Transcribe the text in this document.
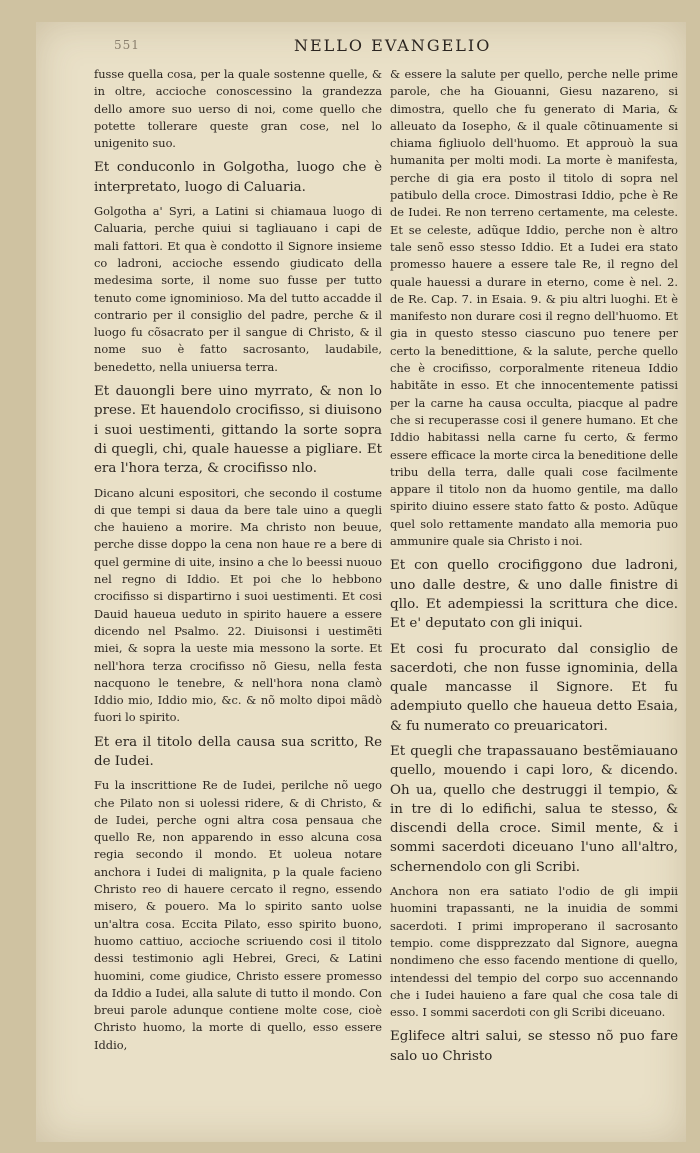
551	NELLO EVANGELIO

fusse quella cosa, per la quale sostenne quelle, & in oltre, accioche conoscessino la grandezza dello amore suo uerso di noi, come quello che potette tollerare queste gran cose, nel lo unigenito suo.

Et conduconlo in Golgotha, luogo che è interpretato, luogo di Caluaria.

Golgotha a' Syri, a Latini si chiamaua luogo di Caluaria, perche quiui si tagliauano i capi de mali fattori. Et qua è condotto il Signore insieme co ladroni, accioche essendo giudicato della medesima sorte, il nome suo fusse per tutto tenuto come ignominioso. Ma del tutto accadde il contrario per il consiglio del padre, perche & il luogo fu cõsacrato per il sangue di Christo, & il nome suo è fatto sacrosanto, laudabile, benedetto, nella uniuersa terra.

Et dauongli bere uino myrrato, & non lo prese. Et hauendolo crocifisso, si diuisono i suoi uestimenti, gittando la sorte sopra di quegli, chi, quale hauesse a pigliare. Et era l'hora terza, & crocifisso nlo.

Dicano alcuni espositori, che secondo il costume di que tempi si daua da bere tale uino a quegli che hauieno a morire. Ma christo non beuue, perche disse doppo la cena non haue re a bere di quel germine di uite, insino a che lo beessi nuouo nel regno di Iddio. Et poi che lo hebbono crocifisso si dispartirno i suoi uestimenti. Et cosi Dauid haueua ueduto in spirito hauere a essere dicendo nel Psalmo. 22. Diuisonsi i uestimẽti miei, & sopra la ueste mia messono la sorte. Et nell'hora terza crocifisso nõ Giesu, nella festa nacquono le tenebre, & nell'hora nona clamò Iddio mio, Iddio mio, &c. & nõ molto dipoi mãdò fuori lo spirito.

Et era il titolo della causa sua scritto, Re de Iudei.

Fu la inscrittione Re de Iudei, perilche nõ uego che Pilato non si uolessi ridere, & di Christo, & de Iudei, perche ogni altra cosa pensaua che quello Re, non apparendo in esso alcuna cosa regia secondo il mondo. Et uoleua notare anchora i Iudei di malignita, p la quale facieno Christo reo di hauere cercato il regno, essendo misero, & pouero. Ma lo spirito santo uolse un'altra cosa. Eccita Pilato, esso spirito buono, huomo cattiuo, accioche scriuendo cosi il titolo dessi testimonio agli Hebrei, Greci, & Latini huomini, come giudice, Christo essere promesso da Iddio a Iudei, alla salute di tutto il mondo. Con breui parole adunque contiene molte cose, cioè Christo huomo, la morte di quello, esso essere Iddio,

& essere la salute per quello, perche nelle prime parole, che ha Giouanni, Giesu nazareno, si dimostra, quello che fu generato di Maria, & alleuato da Iosepho, & il quale cõtinuamente si chiama figliuolo dell'huomo. Et approuò la sua humanita per molti modi. La morte è manifesta, perche di gia era posto il titolo di sopra nel patibulo della croce. Dimostrasi Iddio, pche è Re de Iudei. Re non terreno certamente, ma celeste. Et se celeste, adũque Iddio, perche non è altro tale senõ esso stesso Iddio. Et a Iudei era stato promesso hauere a essere tale Re, il regno del quale hauessi a durare in eterno, come è nel. 2. de Re. Cap. 7. in Esaia. 9. & piu altri luoghi. Et è manifesto non durare cosi il regno dell'huomo. Et gia in questo stesso ciascuno puo tenere per certo la benedittione, & la salute, perche quello che è crocifisso, corporalmente riteneua Iddio habitãte in esso. Et che innocentemente patissi per la carne ha causa occulta, piacque al padre che si recuperasse cosi il genere humano. Et che Iddio habitassi nella carne fu certo, & fermo essere efficace la morte circa la beneditione delle tribu della terra, dalle quali cose facilmente appare il titolo non da huomo gentile, ma dallo spirito diuino essere stato fatto & posto. Adũque quel solo rettamente mandato alla memoria puo ammunire quale sia Christo i noi.

Et con quello crocifiggono due ladroni, uno dalle destre, & uno dalle finistre di qllo. Et adempiessi la scrittura che dice. Et e' deputato con gli iniqui.

Et cosi fu procurato dal consiglio de sacerdoti, che non fusse ignominia, della quale mancasse il Signore. Et fu adempiuto quello che haueua detto Esaia, & fu numerato co preuaricatori.

Et quegli che trapassauano bestẽmiauano quello, mouendo i capi loro, & dicendo. Oh ua, quello che destruggi il tempio, & in tre di lo edifichi, salua te stesso, & discendi della croce. Simil mente, & i sommi sacerdoti diceuano l'uno all'altro, schernendolo con gli Scribi.

Anchora non era satiato l'odio de gli impii huomini trapassanti, ne la inuidia de sommi sacerdoti. I primi improperano il sacrosanto tempio. come dispprezzato dal Signore, auegna nondimeno che esso facendo mentione di quello, intendessi del tempio del corpo suo accennando che i Iudei hauieno a fare qual che cosa tale di esso. I sommi sacerdoti con gli Scribi diceuano.

Eglifece altri salui, se stesso nõ puo fare salo uo Christo
